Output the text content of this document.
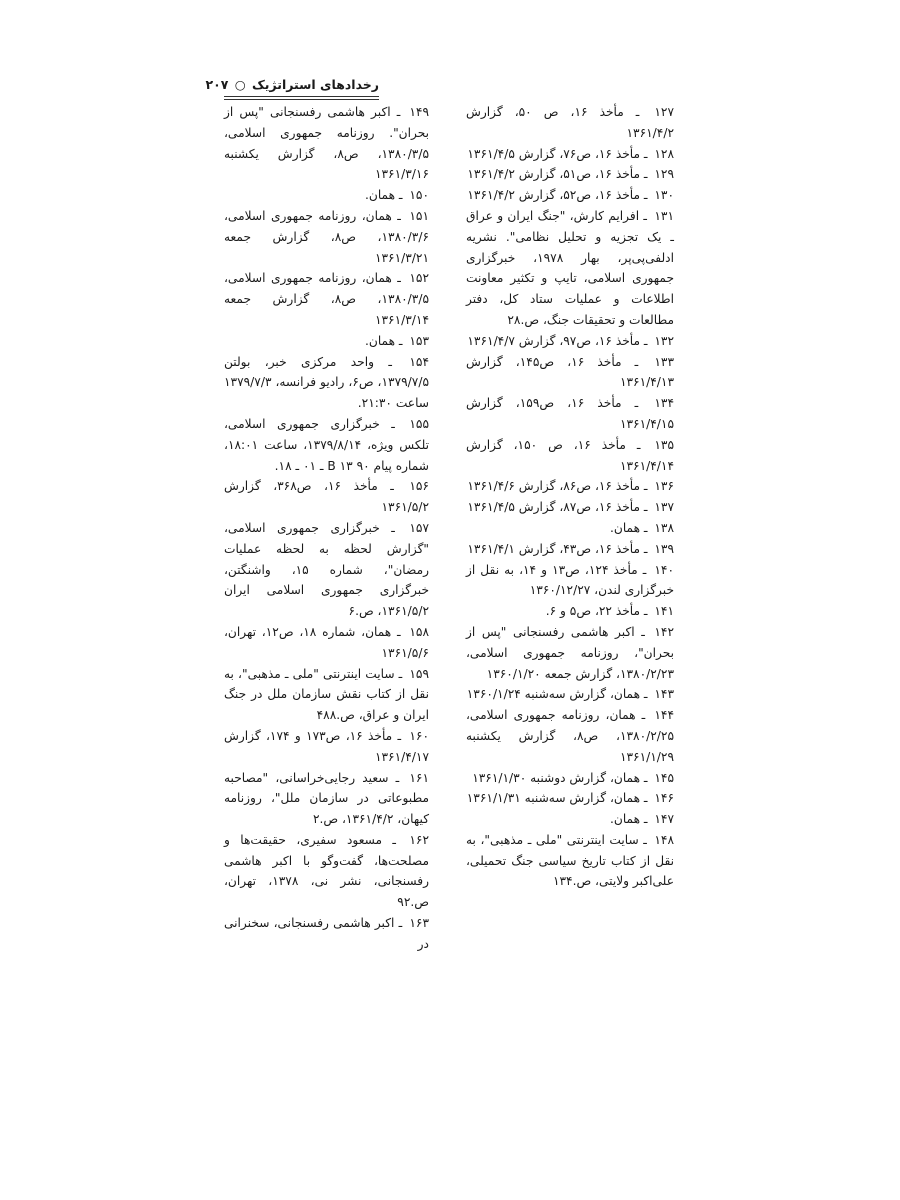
رخدادهای استراتژیک ○ ۲۰۷

۱۲۷ ـ مأخذ ۱۶، ص ۵۰، گزارش ۱۳۶۱/۴/۲

۱۲۸ ـ مأخذ ۱۶، ص۷۶، گزارش ۱۳۶۱/۴/۵

۱۲۹ ـ مأخذ ۱۶، ص۵۱، گزارش ۱۳۶۱/۴/۲

۱۳۰ ـ مأخذ ۱۶، ص۵۲، گزارش ۱۳۶۱/۴/۲

۱۳۱ ـ افرایم کارش، "جنگ ایران و عراق ـ یک تجزیه و تحلیل نظامی". نشریه ادلفی‌پی‌پر، بهار ۱۹۷۸، خبرگزاری جمهوری اسلامی، تایپ و تکثیر معاونت اطلاعات و عملیات ستاد کل، دفتر مطالعات و تحقیقات جنگ، ص.۲۸

۱۳۲ ـ مأخذ ۱۶، ص۹۷، گزارش ۱۳۶۱/۴/۷

۱۳۳ ـ مأخذ ۱۶، ص۱۴۵، گزارش ۱۳۶۱/۴/۱۳

۱۳۴ ـ مأخذ ۱۶، ص۱۵۹، گزارش ۱۳۶۱/۴/۱۵

۱۳۵ ـ مأخذ ۱۶، ص ۱۵۰، گزارش ۱۳۶۱/۴/۱۴

۱۳۶ ـ مأخذ ۱۶، ص۸۶، گزارش ۱۳۶۱/۴/۶

۱۳۷ ـ مأخذ ۱۶، ص۸۷، گزارش ۱۳۶۱/۴/۵

۱۳۸ ـ همان.

۱۳۹ ـ مأخذ ۱۶، ص۴۳، گزارش ۱۳۶۱/۴/۱

۱۴۰ ـ مأخذ ۱۲۴، ص۱۳ و ۱۴، به نقل از خبرگزاری لندن، ۱۳۶۰/۱۲/۲۷

۱۴۱ ـ مأخذ ۲۲، ص۵ و ۶.

۱۴۲ ـ اکبر هاشمی رفسنجانی "پس از بحران"، روزنامه جمهوری اسلامی، ۱۳۸۰/۲/۲۳، گزارش جمعه ۱۳۶۰/۱/۲۰

۱۴۳ ـ همان، گزارش سه‌شنبه ۱۳۶۰/۱/۲۴

۱۴۴ ـ همان، روزنامه جمهوری اسلامی، ۱۳۸۰/۲/۲۵، ص۸، گزارش یکشنبه ۱۳۶۱/۱/۲۹

۱۴۵ ـ همان، گزارش دوشنبه ۱۳۶۱/۱/۳۰

۱۴۶ ـ همان، گزارش سه‌شنبه ۱۳۶۱/۱/۳۱

۱۴۷ ـ همان.

۱۴۸ ـ سایت اینترنتی "ملی ـ مذهبی"، به نقل از کتاب تاریخ سیاسی جنگ تحمیلی، علی‌اکبر ولایتی، ص.۱۳۴

۱۴۹ ـ اکبر هاشمی رفسنجانی "پس از بحران". روزنامه جمهوری اسلامی، ۱۳۸۰/۳/۵، ص۸، گزارش یکشنبه ۱۳۶۱/۳/۱۶

۱۵۰ ـ همان.

۱۵۱ ـ همان، روزنامه جمهوری اسلامی، ۱۳۸۰/۳/۶، ص۸، گزارش جمعه ۱۳۶۱/۳/۲۱

۱۵۲ ـ همان، روزنامه جمهوری اسلامی، ۱۳۸۰/۳/۵، ص۸، گزارش جمعه ۱۳۶۱/۳/۱۴

۱۵۳ ـ همان.

۱۵۴ ـ واحد مرکزی خبر، بولتن ۱۳۷۹/۷/۵، ص۶، رادیو فرانسه، ۱۳۷۹/۷/۳ ساعت ۲۱:۳۰.

۱۵۵ ـ خبرگزاری جمهوری اسلامی، تلکس ویژه، ۱۳۷۹/۸/۱۴، ساعت ۱۸:۰۱، شماره پیام B ۱۳ ۹۰ ـ ۰۱ ـ ۱۸.

۱۵۶ ـ مأخذ ۱۶، ص۳۶۸، گزارش ۱۳۶۱/۵/۲

۱۵۷ ـ خبرگزاری جمهوری اسلامی، "گزارش لحظه به لحظه عملیات رمضان"، شماره ۱۵، واشنگتن، خبرگزاری جمهوری اسلامی ایران ۱۳۶۱/۵/۲، ص.۶

۱۵۸ ـ همان، شماره ۱۸، ص۱۲، تهران، ۱۳۶۱/۵/۶

۱۵۹ ـ سایت اینترنتی "ملی ـ مذهبی"، به نقل از کتاب نقش سازمان ملل در جنگ ایران و عراق، ص.۴۸۸

۱۶۰ ـ مأخذ ۱۶، ص۱۷۳ و ۱۷۴، گزارش ۱۳۶۱/۴/۱۷

۱۶۱ ـ سعید رجایی‌خراسانی، "مصاحبه مطبوعاتی در سازمان ملل"، روزنامه کیهان، ۱۳۶۱/۴/۲، ص.۲

۱۶۲ ـ مسعود سفیری، حقیقت‌ها و مصلحت‌ها، گفت‌وگو با اکبر هاشمی رفسنجانی، نشر نی، ۱۳۷۸، تهران، ص.۹۲

۱۶۳ ـ اکبر هاشمی رفسنجانی، سخنرانی در
